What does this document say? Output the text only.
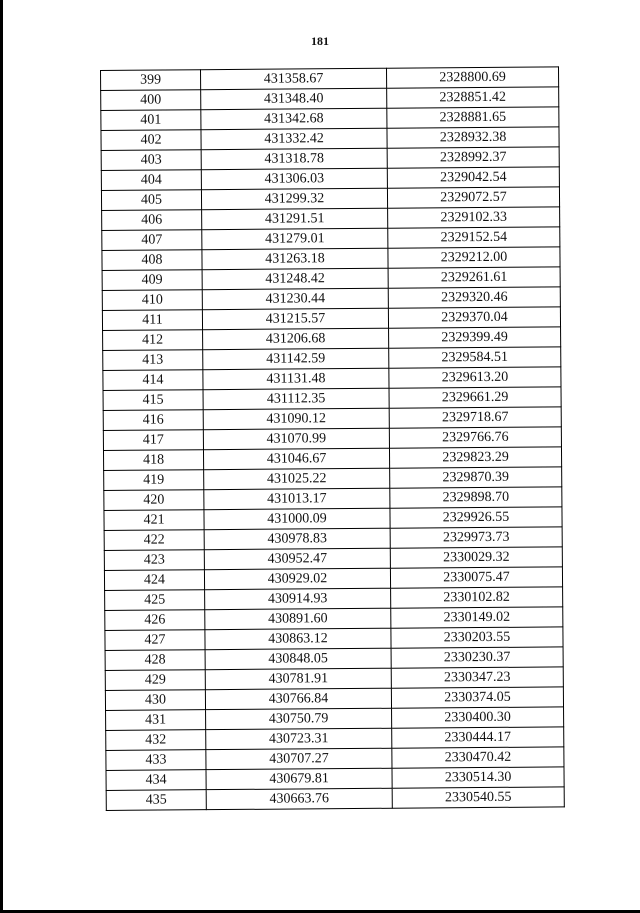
181
399	431358.67	2328800.69
400	431348.40	2328851.42
401	431342.68	2328881.65
402	431332.42	2328932.38
403	431318.78	2328992.37
404	431306.03	2329042.54
405	431299.32	2329072.57
406	431291.51	2329102.33
407	431279.01	2329152.54
408	431263.18	2329212.00
409	431248.42	2329261.61
410	431230.44	2329320.46
411	431215.57	2329370.04
412	431206.68	2329399.49
413	431142.59	2329584.51
414	431131.48	2329613.20
415	431112.35	2329661.29
416	431090.12	2329718.67
417	431070.99	2329766.76
418	431046.67	2329823.29
419	431025.22	2329870.39
420	431013.17	2329898.70
421	431000.09	2329926.55
422	430978.83	2329973.73
423	430952.47	2330029.32
424	430929.02	2330075.47
425	430914.93	2330102.82
426	430891.60	2330149.02
427	430863.12	2330203.55
428	430848.05	2330230.37
429	430781.91	2330347.23
430	430766.84	2330374.05
431	430750.79	2330400.30
432	430723.31	2330444.17
433	430707.27	2330470.42
434	430679.81	2330514.30
435	430663.76	2330540.55
